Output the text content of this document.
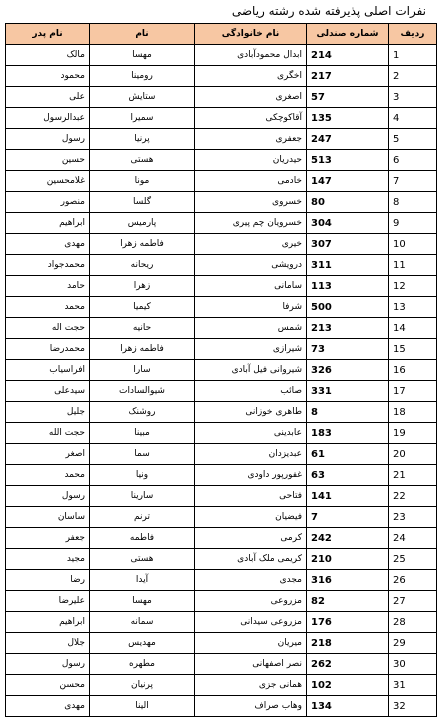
نفرات اصلی پذیرفته شده رشته ریاضی
ردیف	شماره صندلی	نام خانوادگی	نام	نام پدر
1	214	ابدال محمودآبادی	مهسا	مالک
2	217	اخگری	رومینا	محمود
3	57	اصغری	ستایش	علی
4	135	آقاکوچکی	سمیرا	عبدالرسول
5	247	جعفری	پرنیا	رسول
6	513	حیدریان	هستی	حسین
7	147	خادمی	مونا	غلامحسین
8	80	خسروی	گلسا	منصور
9	304	خسرویان چم پیری	پارمیس	ابراهیم
10	307	خیری	فاطمه زهرا	مهدی
11	311	درویشی	ریحانه	محمدجواد
12	113	سامانی	زهرا	حامد
13	500	شرفا	کیمیا	محمد
14	213	شمس	حانیه	حجت اله
15	73	شیرازی	فاطمه زهرا	محمدرضا
16	326	شیروانی فیل آبادی	سارا	افراسیاب
17	331	صائب	شیوالسادات	سیدعلی
18	8	طاهری خوزانی	روشنک	جلیل
19	183	عابدینی	مبینا	حجت الله
20	61	عبدیزدان	سما	اصغر
21	63	غفورپور داودی	ونیا	محمد
22	141	فتاحی	سارینا	رسول
23	7	فیضیان	ترنم	ساسان
24	242	کرمی	فاطمه	جعفر
25	210	کریمی ملک آبادی	هستی	مجید
26	316	مجدی	آیدا	رضا
27	82	مزروعی	مهسا	علیرضا
28	176	مزروعی سیدانی	سمانه	ابراهیم
29	218	میریان	مهدیس	جلال
30	262	نصر اصفهانی	مطهره	رسول
31	102	همانی جزی	پرنیان	محسن
32	134	وهاب صراف	الینا	مهدی
